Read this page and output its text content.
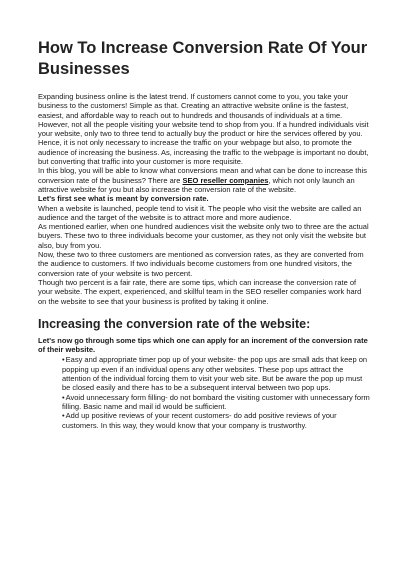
How To Increase Conversion Rate Of Your Businesses

Expanding business online is the latest trend. If customers cannot come to you, you take your business to the customers! Simple as that. Creating an attractive website online is the fastest, easiest, and affordable way to reach out to hundreds and thousands of individuals at a time.

However, not all the people visiting your website tend to shop from you. If a hundred individuals visit your website, only two to three tend to actually buy the product or hire the services offered by you.

Hence, it is not only necessary to increase the traffic on your webpage but also, to promote the audience of increasing the business. As, increasing the traffic to the webpage is important no doubt, but converting that traffic into your customer is more requisite.

In this blog, you will be able to know what conversions mean and what can be done to increase this conversion rate of the business? There are SEO reseller companies, which not only launch an attractive website for you but also increase the conversion rate of the website.

Let's first see what is meant by conversion rate.

When a website is launched, people tend to visit it. The people who visit the website are called an audience and the target of the website is to attract more and more audience.

As mentioned earlier, when one hundred audiences visit the website only two to three are the actual buyers. These two to three individuals become your customer, as they not only visit the website but also, buy from you.

Now, these two to three customers are mentioned as conversion rates, as they are converted from the audience to customers. If two individuals become customers from one hundred visitors, the conversion rate of your website is two percent.

Though two percent is a fair rate, there are some tips, which can increase the conversion rate of your website. The expert, experienced, and skillful team in the SEO reseller companies work hard on the website to see that your business is profited by taking it online.

Increasing the conversion rate of the website:

Let's now go through some tips which one can apply for an increment of the conversion rate of their website.

•Easy and appropriate timer pop up of your website- the pop ups are small ads that keep on popping up even if an individual opens any other websites. These pop ups attract the attention of the individual forcing them to visit your web site. But be aware the pop up must be closed easily and there has to be a subsequent interval between two pop ups.
•Avoid unnecessary form filling- do not bombard the visiting customer with unnecessary form filling. Basic name and mail id would be sufficient.
•Add up positive reviews of your recent customers- do add positive reviews of your customers. In this way, they would know that your company is trustworthy.
